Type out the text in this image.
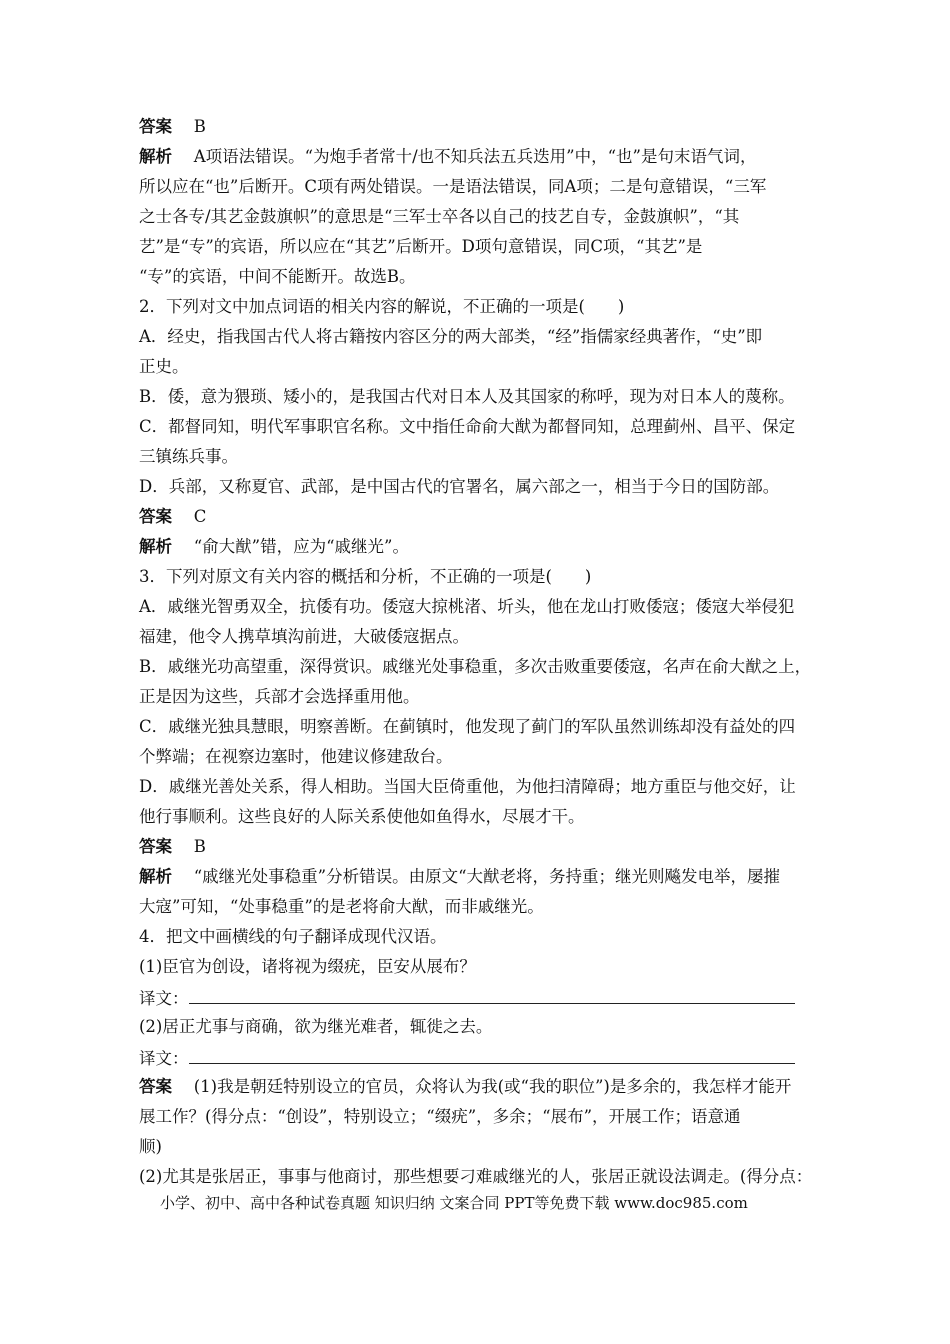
答案　 B
解析　 A项语法错误。“为炮手者常十/也不知兵法五兵迭用”中，“也”是句末语气词，
所以应在“也”后断开。C项有两处错误。一是语法错误，同A项；二是句意错误，“三军
之士各专/其艺金鼓旗帜”的意思是“三军士卒各以自己的技艺自专，金鼓旗帜”，“其
艺”是“专”的宾语，所以应在“其艺”后断开。D项句意错误，同C项，“其艺”是
“专”的宾语，中间不能断开。故选B。
2．下列对文中加点词语的相关内容的解说，不正确的一项是(　　)
A．经史，指我国古代人将古籍按内容区分的两大部类，“经”指儒家经典著作，“史”即
正史。
B．倭，意为猥琐、矮小的，是我国古代对日本人及其国家的称呼，现为对日本人的蔑称。
C．都督同知，明代军事职官名称。文中指任命俞大猷为都督同知，总理蓟州、昌平、保定
三镇练兵事。
D．兵部，又称夏官、武部，是中国古代的官署名，属六部之一，相当于今日的国防部。
答案　 C
解析　 “俞大猷”错，应为“戚继光”。
3．下列对原文有关内容的概括和分析，不正确的一项是(　　)
A．戚继光智勇双全，抗倭有功。倭寇大掠桃渚、圻头，他在龙山打败倭寇；倭寇大举侵犯
福建，他令人携草填沟前进，大破倭寇据点。
B．戚继光功高望重，深得赏识。戚继光处事稳重，多次击败重要倭寇，名声在俞大猷之上，
正是因为这些，兵部才会选择重用他。
C．戚继光独具慧眼，明察善断。在蓟镇时，他发现了蓟门的军队虽然训练却没有益处的四
个弊端；在视察边塞时，他建议修建敌台。
D．戚继光善处关系，得人相助。当国大臣倚重他，为他扫清障碍；地方重臣与他交好，让
他行事顺利。这些良好的人际关系使他如鱼得水，尽展才干。
答案　 B
解析　 “戚继光处事稳重”分析错误。由原文“大猷老将，务持重；继光则飚发电举，屡摧
大寇”可知，“处事稳重”的是老将俞大猷，而非戚继光。
4．把文中画横线的句子翻译成现代汉语。
(1)臣官为创设，诸将视为缀疣，臣安从展布？
译文：
(2)居正尤事与商确，欲为继光难者，辄徙之去。
译文：
答案　 (1)我是朝廷特别设立的官员，众将认为我(或“我的职位”)是多余的，我怎样才能开
展工作？(得分点：“创设”，特别设立；“缀疣”，多余；“展布”，开展工作；语意通
顺)
(2)尤其是张居正，事事与他商讨，那些想要刁难戚继光的人，张居正就设法调走。(得分点：
小学、初中、高中各种试卷真题 知识归纳 文案合同 PPT等免费下载 www.doc985.com
